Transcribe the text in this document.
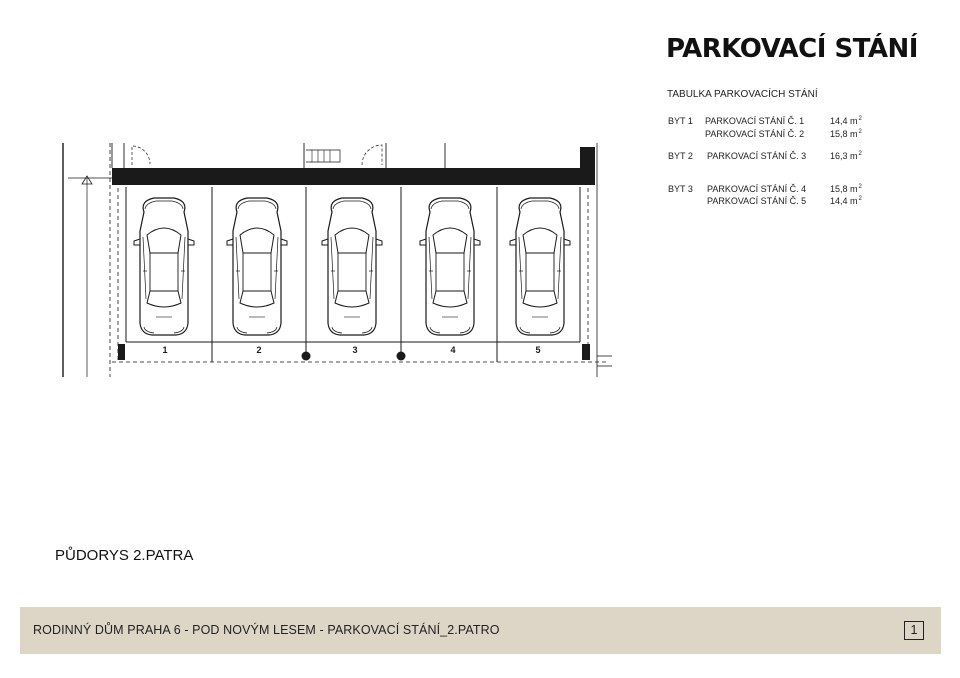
PARKOVACÍ STÁNÍ
TABULKA PARKOVACÍCH STÁNÍ
BYT 1 PARKOVACÍ STÁNÍ Č. 1	14,4 $m^2$
PARKOVACÍ STÁNÍ Č. 2	15,8 $m^2$
BYT 2 PARKOVACÍ STÁNÍ Č. 3	16,3 $m^2$
BYT 3 PARKOVACÍ STÁNÍ Č. 4	15,8 $m^2$
PARKOVACÍ STÁNÍ Č. 5	14,4 $m^2$
1	2	3	4	5
PŮDORYS 2.PATRA
RODINNÝ DŮM PRAHA 6 - POD NOVÝM LESEM - PARKOVACÍ STÁNÍ_2.PATRO	1
